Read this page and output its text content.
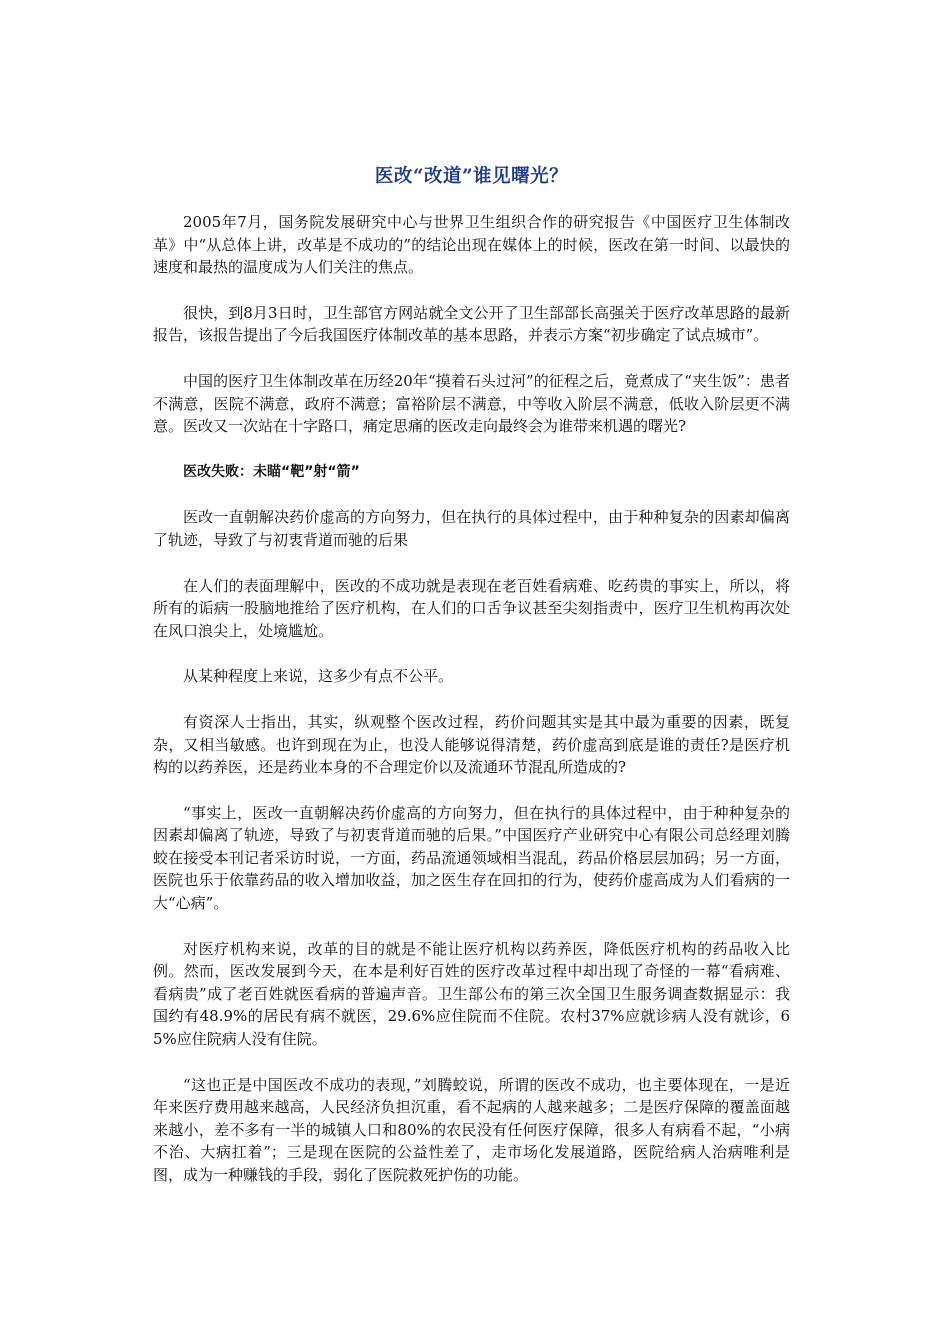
医改“改道”谁见曙光？

2005年7月，国务院发展研究中心与世界卫生组织合作的研究报告《中国医疗卫生体制改革》中“从总体上讲，改革是不成功的”的结论出现在媒体上的时候，医改在第一时间、以最快的速度和最热的温度成为人们关注的焦点。

很快，到8月3日时，卫生部官方网站就全文公开了卫生部部长高强关于医疗改革思路的最新报告，该报告提出了今后我国医疗体制改革的基本思路，并表示方案“初步确定了试点城市”。

中国的医疗卫生体制改革在历经20年“摸着石头过河”的征程之后，竟煮成了“夹生饭”：患者不满意，医院不满意，政府不满意；富裕阶层不满意，中等收入阶层不满意，低收入阶层更不满意。医改又一次站在十字路口，痛定思痛的医改走向最终会为谁带来机遇的曙光?

医改失败：未瞄“靶”射“箭”

医改一直朝解决药价虚高的方向努力，但在执行的具体过程中，由于种种复杂的因素却偏离了轨迹，导致了与初衷背道而驰的后果

在人们的表面理解中，医改的不成功就是表现在老百姓看病难、吃药贵的事实上，所以，将所有的诟病一股脑地推给了医疗机构，在人们的口舌争议甚至尖刻指责中，医疗卫生机构再次处在风口浪尖上，处境尴尬。

从某种程度上来说，这多少有点不公平。

有资深人士指出，其实，纵观整个医改过程，药价问题其实是其中最为重要的因素，既复杂，又相当敏感。也许到现在为止，也没人能够说得清楚，药价虚高到底是谁的责任?是医疗机构的以药养医，还是药业本身的不合理定价以及流通环节混乱所造成的?

“事实上，医改一直朝解决药价虚高的方向努力，但在执行的具体过程中，由于种种复杂的因素却偏离了轨迹，导致了与初衷背道而驰的后果。”中国医疗产业研究中心有限公司总经理刘腾蛟在接受本刊记者采访时说，一方面，药品流通领域相当混乱，药品价格层层加码；另一方面，医院也乐于依靠药品的收入增加收益，加之医生存在回扣的行为，使药价虚高成为人们看病的一大“心病”。

对医疗机构来说，改革的目的就是不能让医疗机构以药养医，降低医疗机构的药品收入比例。然而，医改发展到今天，在本是利好百姓的医疗改革过程中却出现了奇怪的一幕“看病难、看病贵”成了老百姓就医看病的普遍声音。卫生部公布的第三次全国卫生服务调查数据显示：我国约有48.9%的居民有病不就医，29.6%应住院而不住院。农村37%应就诊病人没有就诊，65%应住院病人没有住院。

“这也正是中国医改不成功的表现，”刘腾蛟说，所谓的医改不成功，也主要体现在，一是近年来医疗费用越来越高，人民经济负担沉重，看不起病的人越来越多；二是医疗保障的覆盖面越来越小，差不多有一半的城镇人口和80%的农民没有任何医疗保障，很多人有病看不起，“小病不治、大病扛着”；三是现在医院的公益性差了，走市场化发展道路，医院给病人治病唯利是图，成为一种赚钱的手段，弱化了医院救死护伤的功能。
